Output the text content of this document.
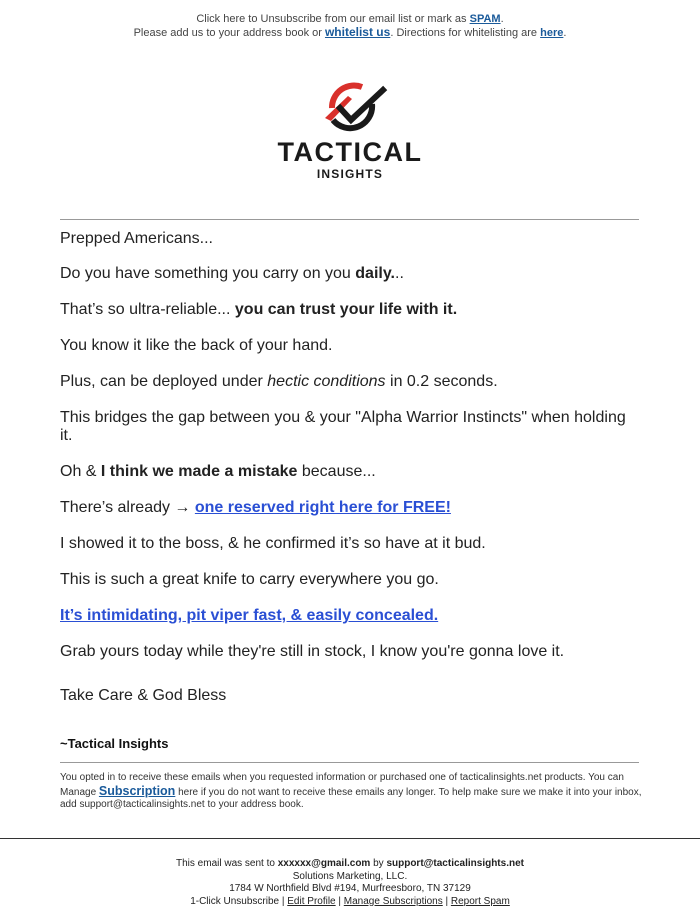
Click here to Unsubscribe from our email list or mark as SPAM.
Please add us to your address book or whitelist us. Directions for whitelisting are here.
TACTICAL
INSIGHTS

Prepped Americans...

Do you have something you carry on you daily...

That’s so ultra-reliable... you can trust your life with it.

You know it like the back of your hand.

Plus, can be deployed under hectic conditions in 0.2 seconds.

This bridges the gap between you & your "Alpha Warrior Instincts" when holding it.

Oh & I think we made a mistake because...

There’s already → one reserved right here for FREE!

I showed it to the boss, & he confirmed it’s so have at it bud.

This is such a great knife to carry everywhere you go.

It’s intimidating, pit viper fast, & easily concealed.

Grab yours today while they're still in stock, I know you're gonna love it.

Take Care & God Bless

~Tactical Insights
You opted in to receive these emails when you requested information or purchased one of tacticalinsights.net products. You can Manage Subscription here if you do not want to receive these emails any longer. To help make sure we make it into your inbox, add support@tacticalinsights.net to your address book.
This email was sent to xxxxxx@gmail.com by support@tacticalinsights.net
Solutions Marketing, LLC.
1784 W Northfield Blvd #194, Murfreesboro, TN 37129
1-Click Unsubscribe | Edit Profile | Manage Subscriptions | Report Spam
